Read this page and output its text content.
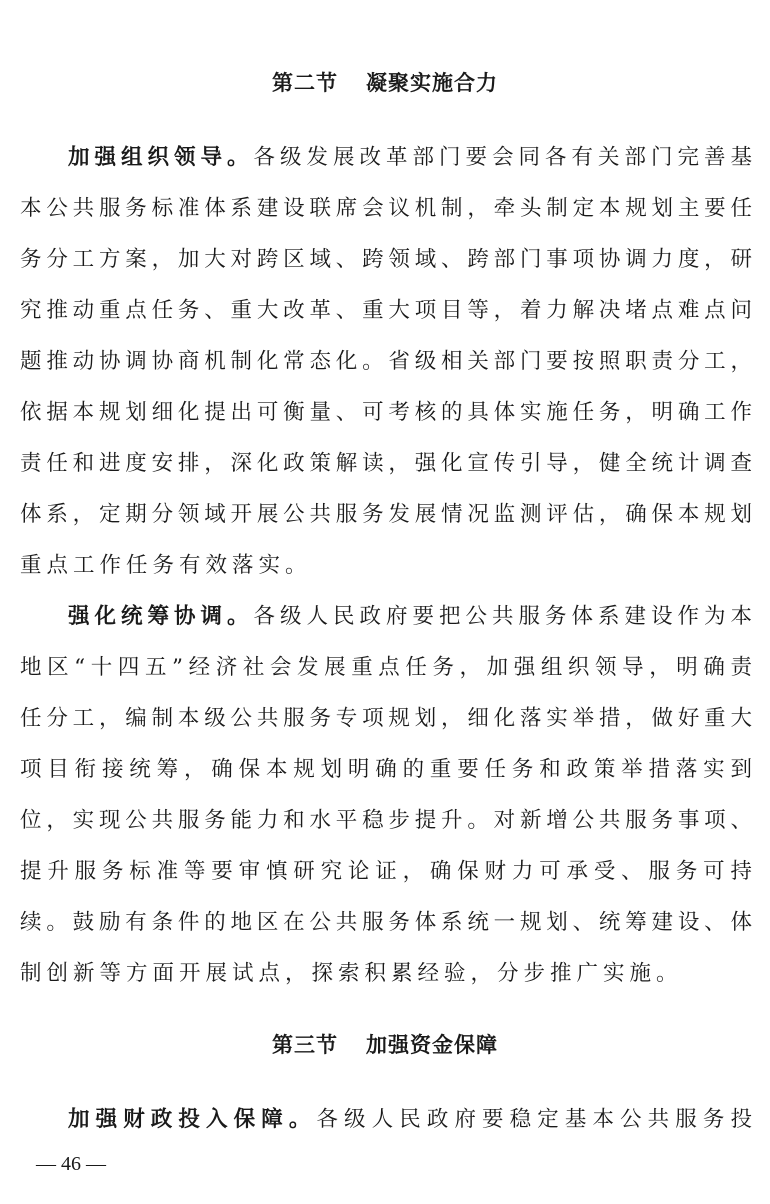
第二节 凝聚实施合力

加强组织领导。各级发展改革部门要会同各有关部门完善基

本公共服务标准体系建设联席会议机制，牵头制定本规划主要任

务分工方案，加大对跨区域、跨领域、跨部门事项协调力度，研

究推动重点任务、重大改革、重大项目等，着力解决堵点难点问

题推动协调协商机制化常态化。省级相关部门要按照职责分工，

依据本规划细化提出可衡量、可考核的具体实施任务，明确工作

责任和进度安排，深化政策解读，强化宣传引导，健全统计调查

体系，定期分领域开展公共服务发展情况监测评估，确保本规划

重点工作任务有效落实。

强化统筹协调。各级人民政府要把公共服务体系建设作为本

地区“十四五”经济社会发展重点任务，加强组织领导，明确责

任分工，编制本级公共服务专项规划，细化落实举措，做好重大

项目衔接统筹，确保本规划明确的重要任务和政策举措落实到

位，实现公共服务能力和水平稳步提升。对新增公共服务事项、

提升服务标准等要审慎研究论证，确保财力可承受、服务可持

续。鼓励有条件的地区在公共服务体系统一规划、统筹建设、体

制创新等方面开展试点，探索积累经验，分步推广实施。

第三节 加强资金保障

加强财政投入保障。各级人民政府要稳定基本公共服务投

— 46 —
